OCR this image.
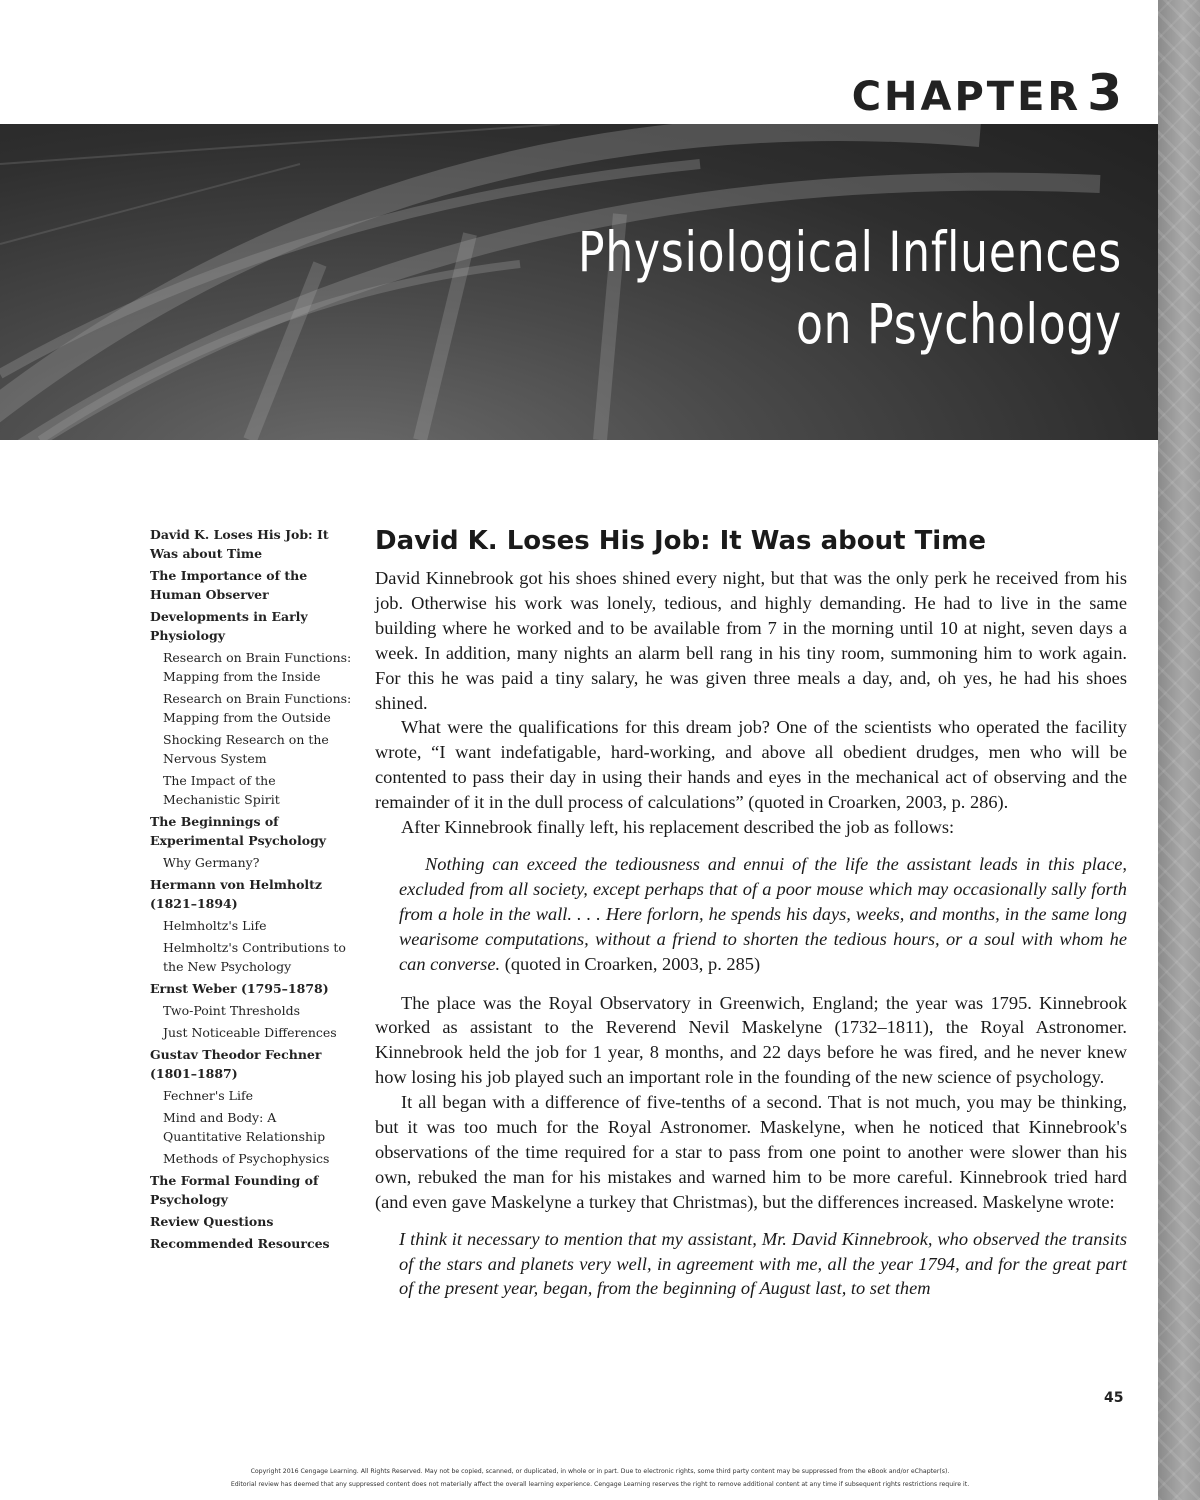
CHAPTER 3
Physiological Influences
on Psychology
David K. Loses His Job: It Was about Time
The Importance of the Human Observer
Developments in Early Physiology
Research on Brain Functions: Mapping from the Inside
Research on Brain Functions: Mapping from the Outside
Shocking Research on the Nervous System
The Impact of the Mechanistic Spirit
The Beginnings of Experimental Psychology
Why Germany?
Hermann von Helmholtz (1821–1894)
Helmholtz's Life
Helmholtz's Contributions to the New Psychology
Ernst Weber (1795–1878)
Two-Point Thresholds
Just Noticeable Differences
Gustav Theodor Fechner (1801–1887)
Fechner's Life
Mind and Body: A Quantitative Relationship
Methods of Psychophysics
The Formal Founding of Psychology
Review Questions
Recommended Resources
David K. Loses His Job: It Was about Time

David Kinnebrook got his shoes shined every night, but that was the only perk he received from his job. Otherwise his work was lonely, tedious, and highly demanding. He had to live in the same building where he worked and to be available from 7 in the morning until 10 at night, seven days a week. In addition, many nights an alarm bell rang in his tiny room, summoning him to work again. For this he was paid a tiny salary, he was given three meals a day, and, oh yes, he had his shoes shined.

What were the qualifications for this dream job? One of the scientists who operated the facility wrote, “I want indefatigable, hard-working, and above all obedient drudges, men who will be contented to pass their day in using their hands and eyes in the mechanical act of observing and the remainder of it in the dull process of calculations” (quoted in Croarken, 2003, p. 286).

After Kinnebrook finally left, his replacement described the job as follows:

Nothing can exceed the tediousness and ennui of the life the assistant leads in this place, excluded from all society, except perhaps that of a poor mouse which may occasionally sally forth from a hole in the wall. . . . Here forlorn, he spends his days, weeks, and months, in the same long wearisome computations, without a friend to shorten the tedious hours, or a soul with whom he can converse. (quoted in Croarken, 2003, p. 285)

The place was the Royal Observatory in Greenwich, England; the year was 1795. Kinnebrook worked as assistant to the Reverend Nevil Maskelyne (1732–1811), the Royal Astronomer. Kinnebrook held the job for 1 year, 8 months, and 22 days before he was fired, and he never knew how losing his job played such an important role in the founding of the new science of psychology.

It all began with a difference of five-tenths of a second. That is not much, you may be thinking, but it was too much for the Royal Astronomer. Maskelyne, when he noticed that Kinnebrook's observations of the time required for a star to pass from one point to another were slower than his own, rebuked the man for his mistakes and warned him to be more careful. Kinnebrook tried hard (and even gave Maskelyne a turkey that Christmas), but the differences increased. Maskelyne wrote:

I think it necessary to mention that my assistant, Mr. David Kinnebrook, who observed the transits of the stars and planets very well, in agreement with me, all the year 1794, and for the great part of the present year, began, from the beginning of August last, to set them
45
Copyright 2016 Cengage Learning. All Rights Reserved. May not be copied, scanned, or duplicated, in whole or in part. Due to electronic rights, some third party content may be suppressed from the eBook and/or eChapter(s).
Editorial review has deemed that any suppressed content does not materially affect the overall learning experience. Cengage Learning reserves the right to remove additional content at any time if subsequent rights restrictions require it.
